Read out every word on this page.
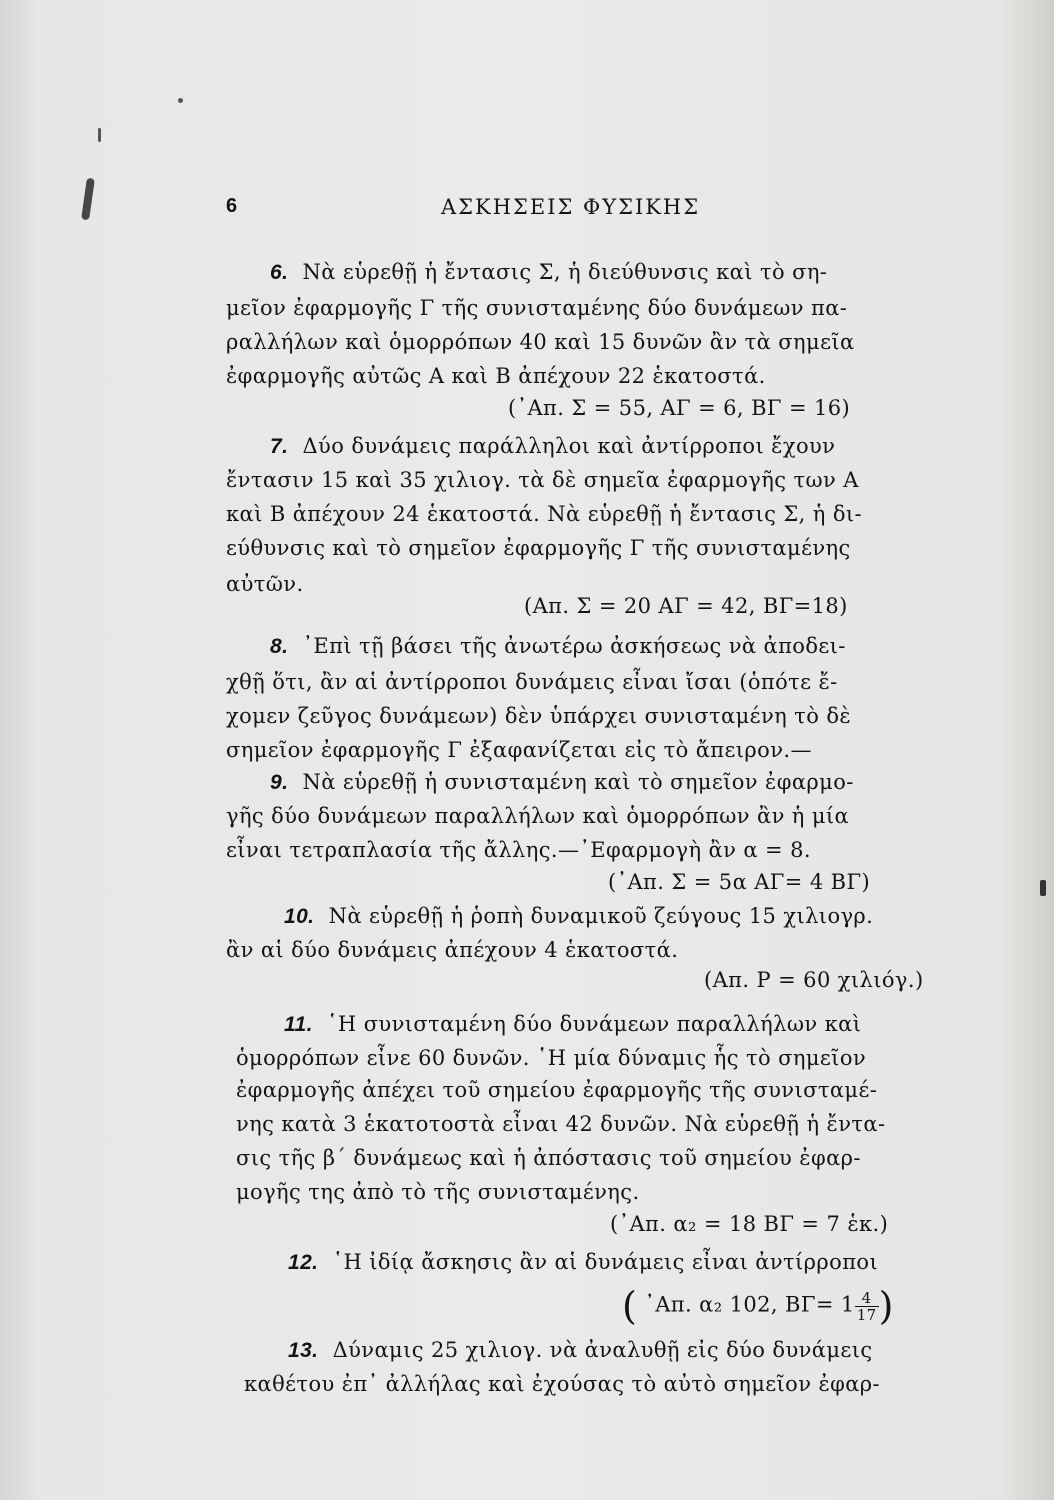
6	ΑΣΚΗΣΕΙΣ ΦΥΣΙΚΗΣ
6. Νὰ εὑρεθῇ ἡ ἔντασις Σ, ἡ διεύθυνσις καὶ τὸ ση-
μεῖον ἐφαρμογῆς Γ τῆς συνισταμένης δύο δυνάμεων πα-
ραλλήλων καὶ ὁμορρόπων 40 καὶ 15 δυνῶν ἂν τὰ σημεῖα
ἐφαρμογῆς αὐτῶς Α καὶ Β ἀπέχουν 22 ἑκατοστά.
(᾿Απ. Σ = 55, ΑΓ = 6, ΒΓ = 16)
7. Δύο δυνάμεις παράλληλοι καὶ ἀντίρροποι ἔχουν
ἔντασιν 15 καὶ 35 χιλιογ. τὰ δὲ σημεῖα ἐφαρμογῆς των Α
καὶ Β ἀπέχουν 24 ἑκατοστά. Νὰ εὑρεθῇ ἡ ἔντασις Σ, ἡ δι-
εύθυνσις καὶ τὸ σημεῖον ἐφαρμογῆς Γ τῆς συνισταμένης
αὐτῶν.
(Απ. Σ = 20 ΑΓ = 42, ΒΓ=18)
8. ᾿Επὶ τῇ βάσει τῆς ἀνωτέρω ἀσκήσεως νὰ ἀποδει-
χθῇ ὅτι, ἂν αἱ ἀντίρροποι δυνάμεις εἶναι ἴσαι (ὁπότε ἔ-
χομεν ζεῦγος δυνάμεων) δὲν ὑπάρχει συνισταμένη τὸ δὲ
σημεῖον ἐφαρμογῆς Γ ἐξαφανίζεται εἰς τὸ ἄπειρον.—
9. Νὰ εὑρεθῇ ἡ συνισταμένη καὶ τὸ σημεῖον ἐφαρμο-
γῆς δύο δυνάμεων παραλλήλων καὶ ὁμορρόπων ἂν ἡ μία
εἶναι τετραπλασία τῆς ἄλλης.—᾿Εφαρμογὴ ἂν α = 8.
(᾿Απ. Σ = 5α ΑΓ= 4 ΒΓ)
10. Νὰ εὑρεθῇ ἡ ῥοπὴ δυναμικοῦ ζεύγους 15 χιλιογρ.
ἂν αἱ δύο δυνάμεις ἀπέχουν 4 ἑκατοστά.
(Απ. Ρ = 60 χιλιόγ.)
11. ῾Η συνισταμένη δύο δυνάμεων παραλλήλων καὶ
ὁμορρόπων εἶνε 60 δυνῶν. ῾Η μία δύναμις ἧς τὸ σημεῖον
ἐφαρμογῆς ἀπέχει τοῦ σημείου ἐφαρμογῆς τῆς συνισταμέ-
νης κατὰ 3 ἑκατοτοστὰ εἶναι 42 δυνῶν. Νὰ εὑρεθῇ ἡ ἔντα-
σις τῆς β΄ δυνάμεως καὶ ἡ ἀπόστασις τοῦ σημείου ἐφαρ-
μογῆς της ἀπὸ τὸ τῆς συνισταμένης.
(᾿Απ. α₂ = 18 ΒΓ = 7 ἑκ.)
12. ῾Η ἰδίᾳ ἄσκησις ἂν αἱ δυνάμεις εἶναι ἀντίρροποι
( ᾿Απ. α₂ 102, $B\Gamma= 1 \frac{4}{17}$ )
13. Δύναμις 25 χιλιογ. νὰ ἀναλυθῇ εἰς δύο δυνάμεις
καθέτου ἐπ᾿ ἀλλήλας καὶ ἐχούσας τὸ αὐτὸ σημεῖον ἐφαρ-
